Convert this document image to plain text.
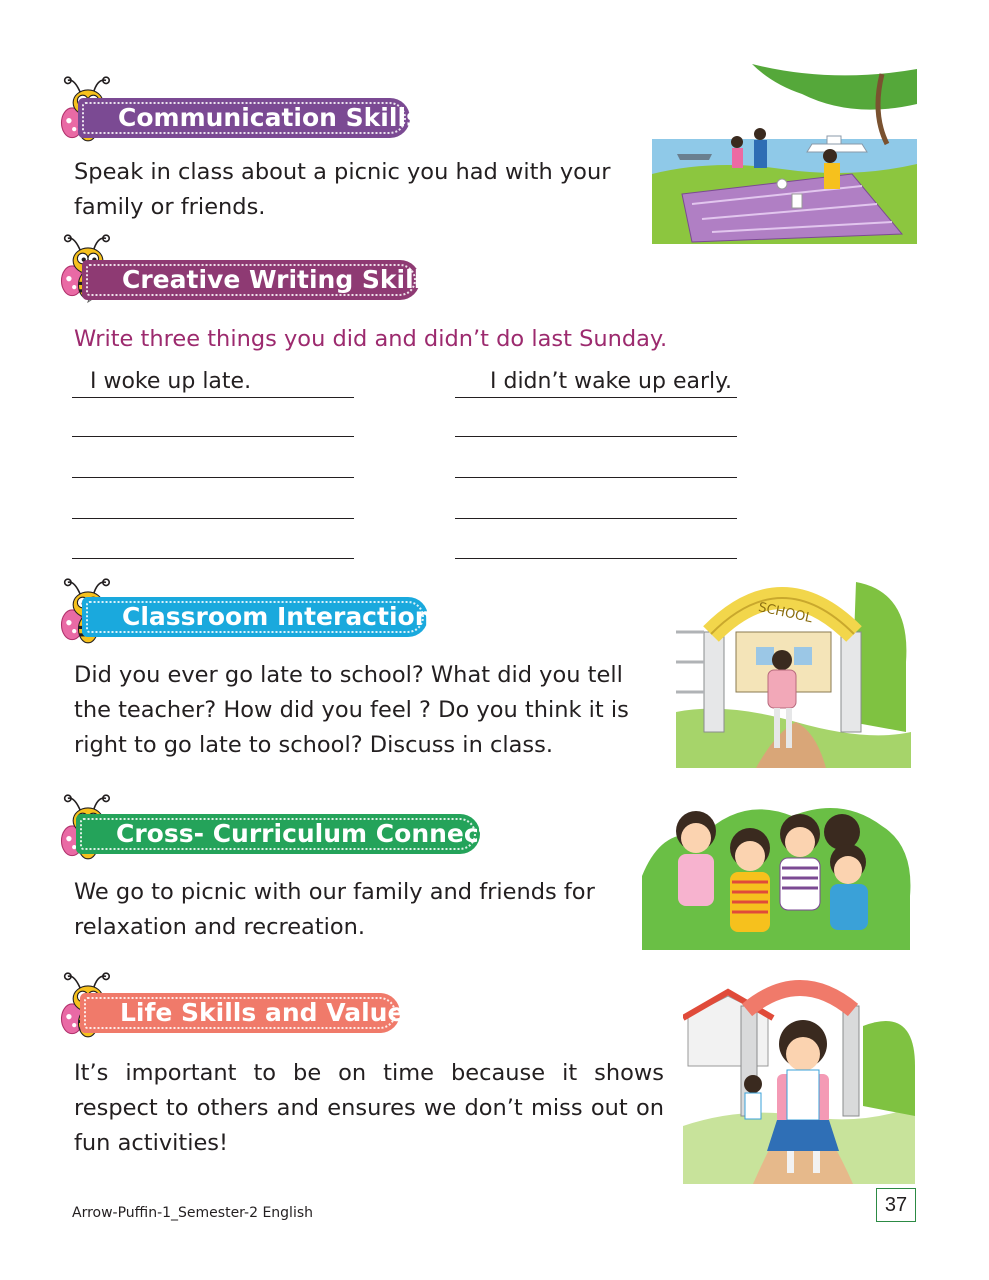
Communication Skills
Speak in class about a picnic you had with your family or friends.
Creative Writing Skills
Write three things you did and didn’t do last Sunday.
I woke up late.	I didn’t wake up early.
Classroom Interaction
Did you ever go late to school? What did you tell the teacher? How did you feel ? Do you think it is right to go late to school? Discuss in class.
SCHOOL
Cross- Curriculum Connect
We go to picnic with our family and friends for relaxation and recreation.
Life Skills and Values
It’s important to be on time because it shows respect to others and ensures we don’t miss out on fun activities!
Arrow-Puffin-1_Semester-2 English	37
